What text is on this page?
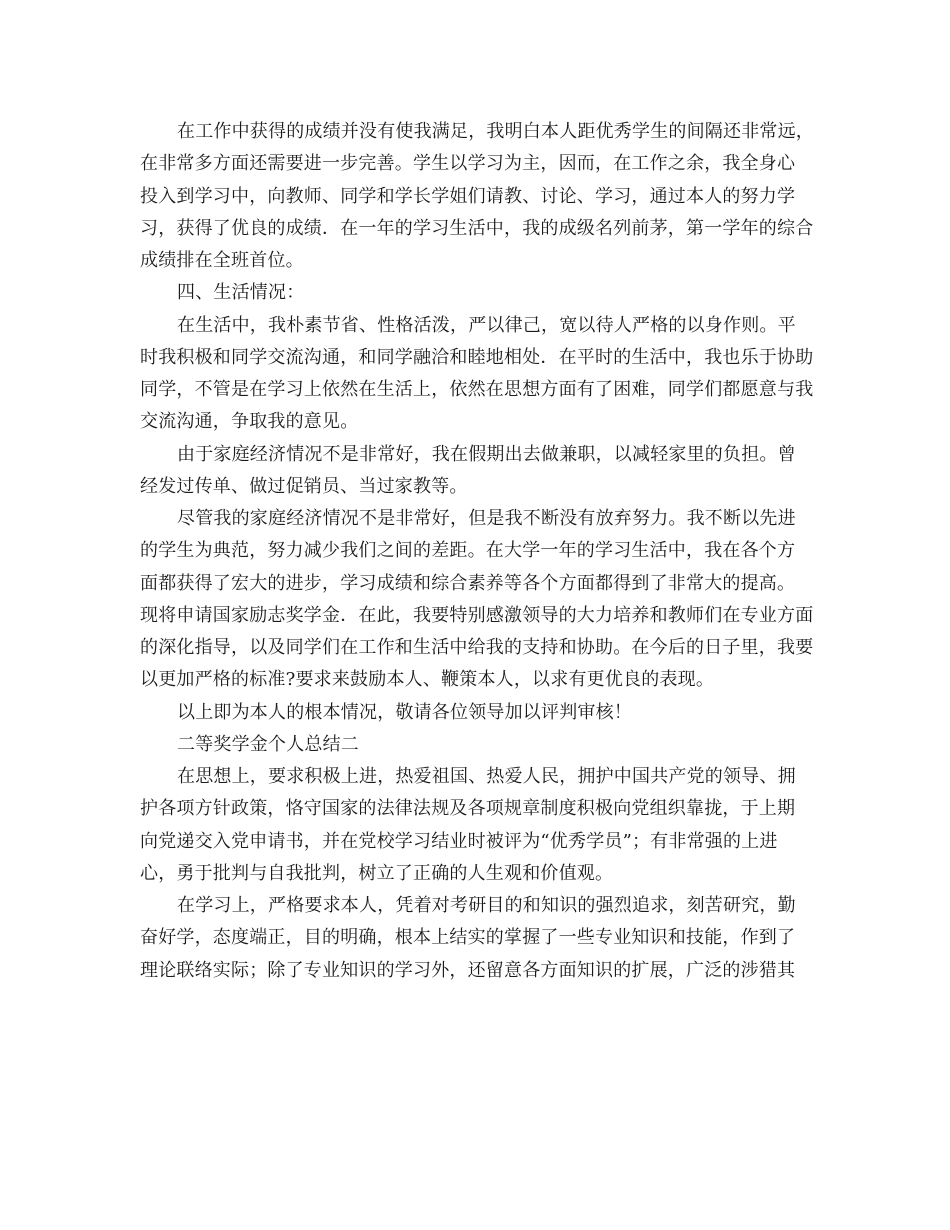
在工作中获得的成绩并没有使我满足，我明白本人距优秀学生的间隔还非常远，
在非常多方面还需要进一步完善。学生以学习为主，因而，在工作之余，我全身心
投入到学习中，向教师、同学和学长学姐们请教、讨论、学习，通过本人的努力学
习，获得了优良的成绩．在一年的学习生活中，我的成级名列前茅，第一学年的综合
成绩排在全班首位。
四、生活情况：
在生活中，我朴素节省、性格活泼，严以律己，宽以待人严格的以身作则。平
时我积极和同学交流沟通，和同学融洽和睦地相处．在平时的生活中，我也乐于协助
同学，不管是在学习上依然在生活上，依然在思想方面有了困难，同学们都愿意与我
交流沟通，争取我的意见。
由于家庭经济情况不是非常好，我在假期出去做兼职，以减轻家里的负担。曾
经发过传单、做过促销员、当过家教等。
尽管我的家庭经济情况不是非常好，但是我不断没有放弃努力。我不断以先进
的学生为典范，努力减少我们之间的差距。在大学一年的学习生活中，我在各个方
面都获得了宏大的进步，学习成绩和综合素养等各个方面都得到了非常大的提高。
现将申请国家励志奖学金．在此，我要特别感激领导的大力培养和教师们在专业方面
的深化指导，以及同学们在工作和生活中给我的支持和协助。在今后的日子里，我要
以更加严格的标准?要求来鼓励本人、鞭策本人，以求有更优良的表现。
以上即为本人的根本情况，敬请各位领导加以评判审核！
二等奖学金个人总结二
在思想上，要求积极上进，热爱祖国、热爱人民，拥护中国共产党的领导、拥
护各项方针政策，恪守国家的法律法规及各项规章制度积极向党组织靠拢，于上期
向党递交入党申请书，并在党校学习结业时被评为“优秀学员”；有非常强的上进
心，勇于批判与自我批判，树立了正确的人生观和价值观。
在学习上，严格要求本人，凭着对考研目的和知识的强烈追求，刻苦研究，勤
奋好学，态度端正，目的明确，根本上结实的掌握了一些专业知识和技能，作到了
理论联络实际；除了专业知识的学习外，还留意各方面知识的扩展，广泛的涉猎其
